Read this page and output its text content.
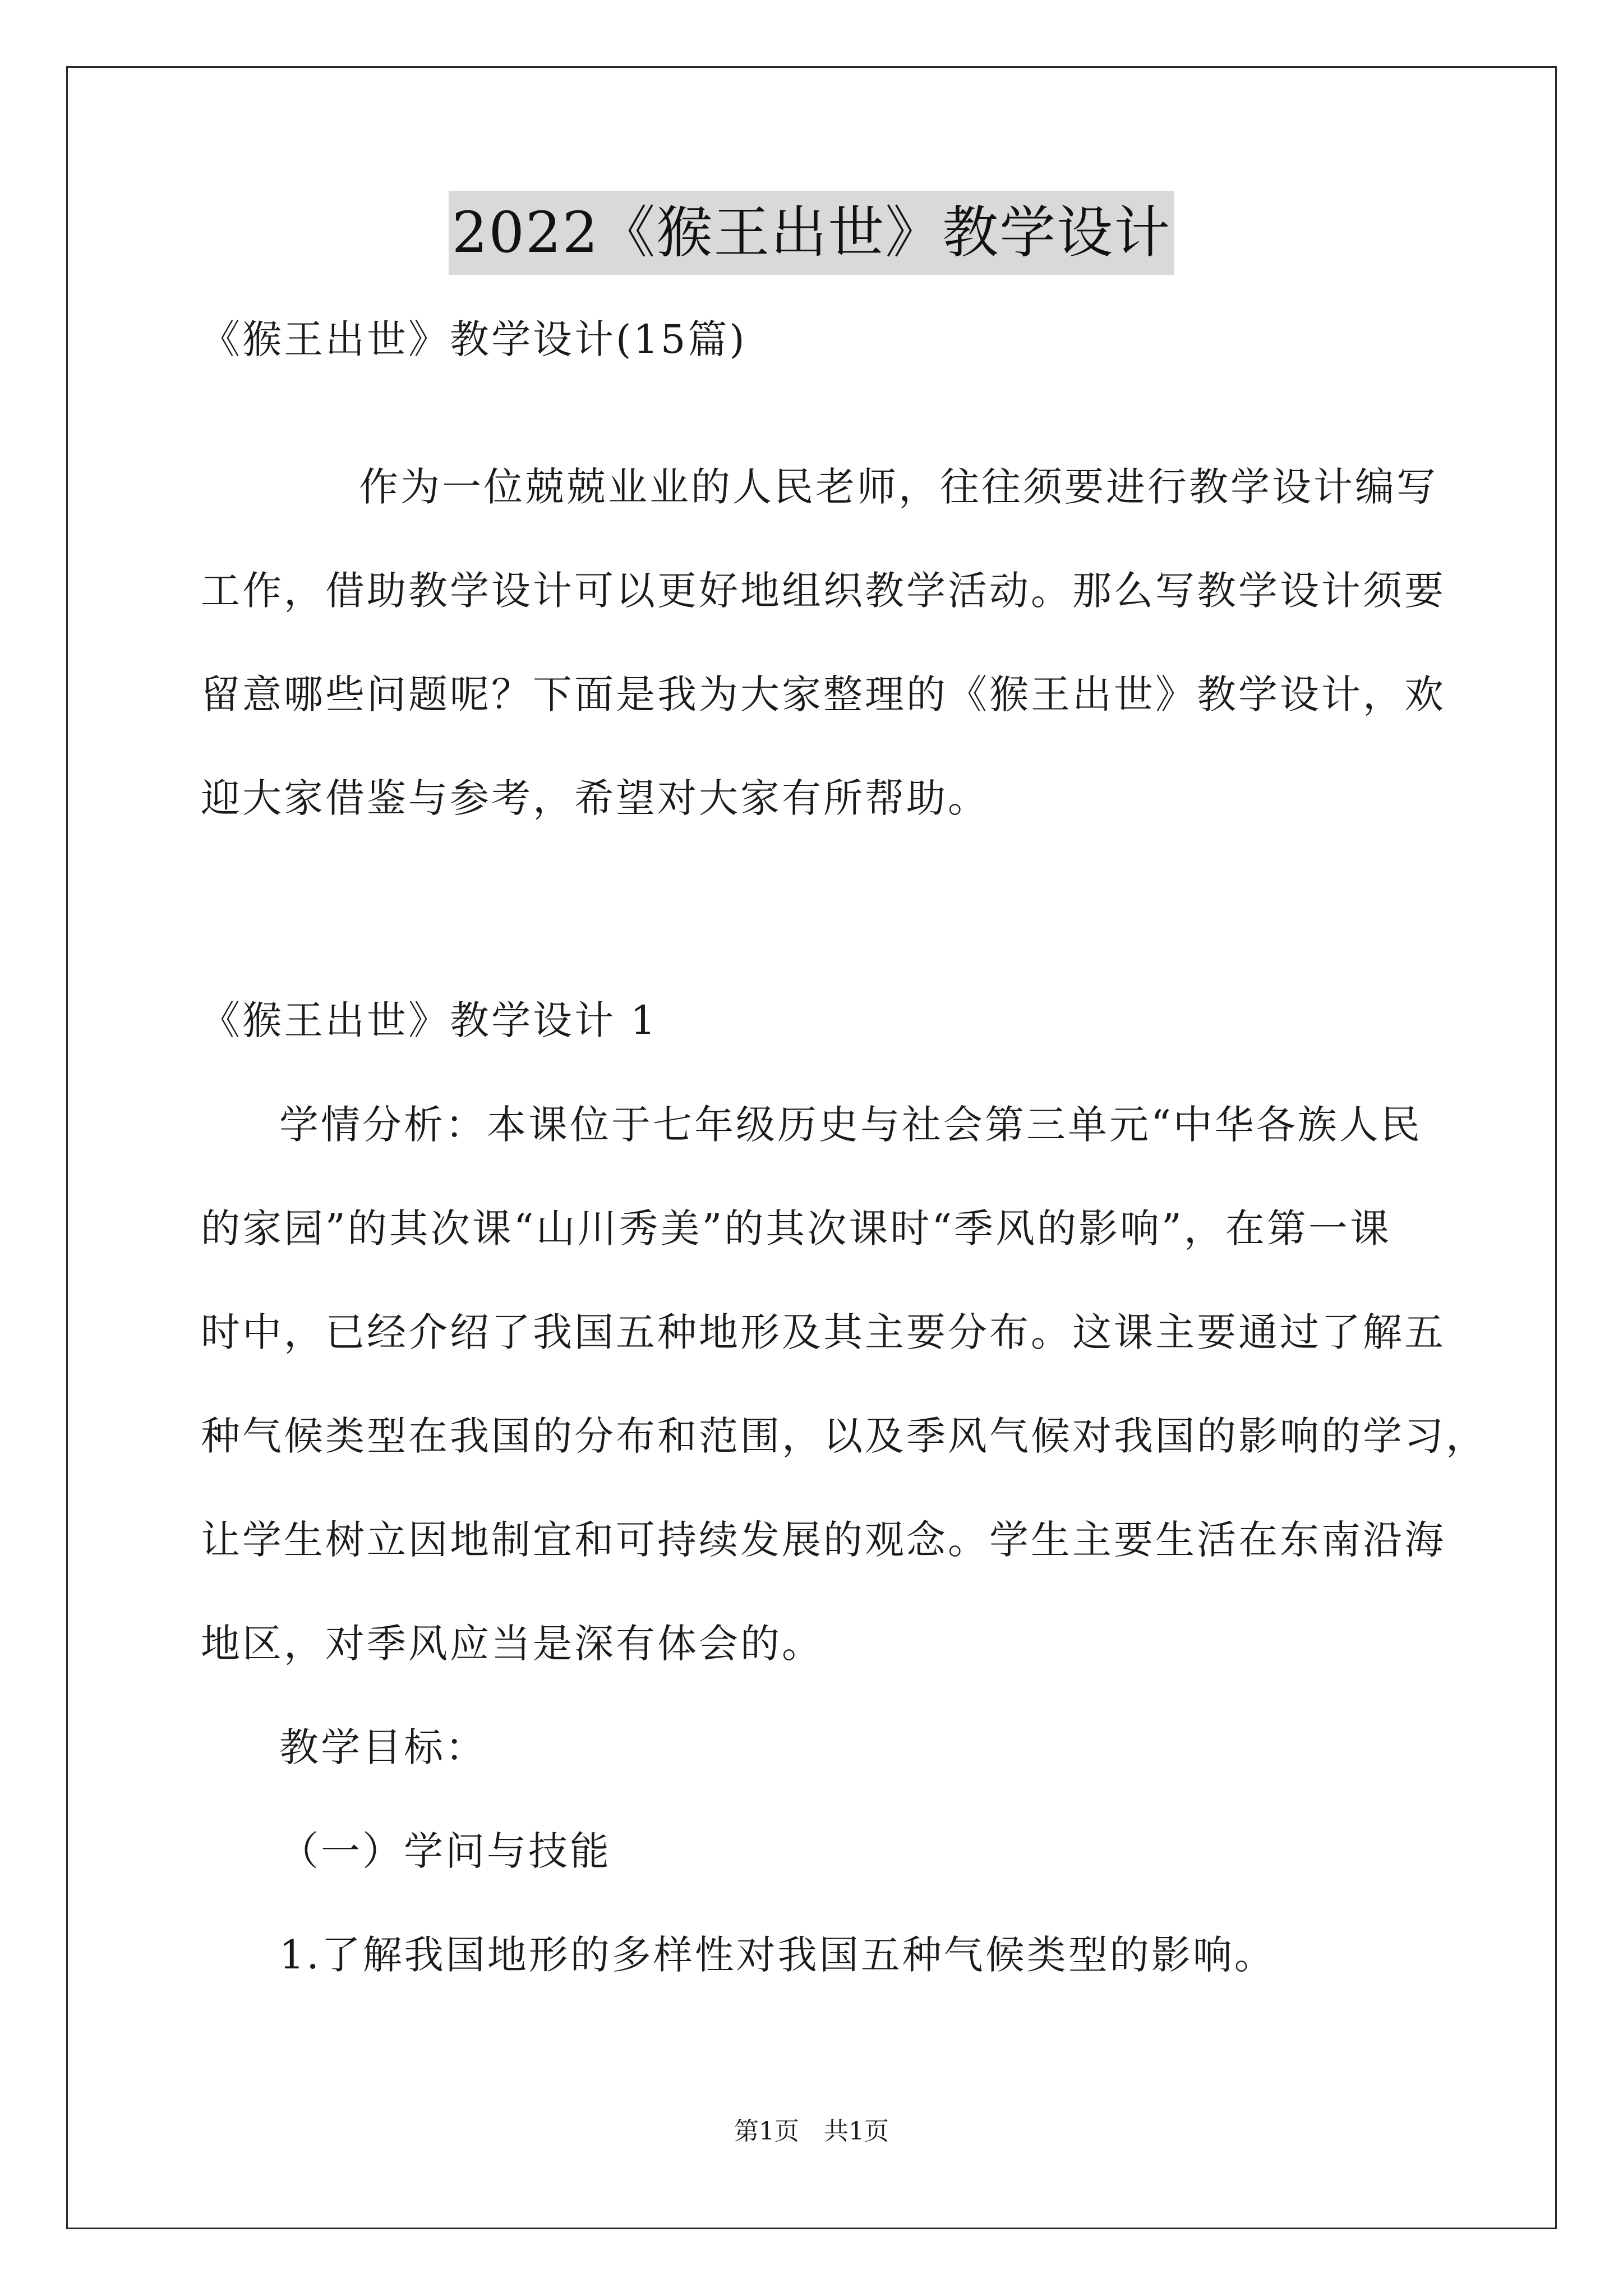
2022《猴王出世》教学设计
《猴王出世》教学设计(15篇)
作为一位兢兢业业的人民老师，往往须要进行教学设计编写
工作，借助教学设计可以更好地组织教学活动。那么写教学设计须要
留意哪些问题呢？下面是我为大家整理的《猴王出世》教学设计，欢
迎大家借鉴与参考，希望对大家有所帮助。
《猴王出世》教学设计 1
学情分析：本课位于七年级历史与社会第三单元“中华各族人民
的家园”的其次课“山川秀美”的其次课时“季风的影响”，在第一课
时中，已经介绍了我国五种地形及其主要分布。这课主要通过了解五
种气候类型在我国的分布和范围，以及季风气候对我国的影响的学习，
让学生树立因地制宜和可持续发展的观念。学生主要生活在东南沿海
地区，对季风应当是深有体会的。
教学目标：
（一）学问与技能
1.了解我国地形的多样性对我国五种气候类型的影响。
第1页　共1页
